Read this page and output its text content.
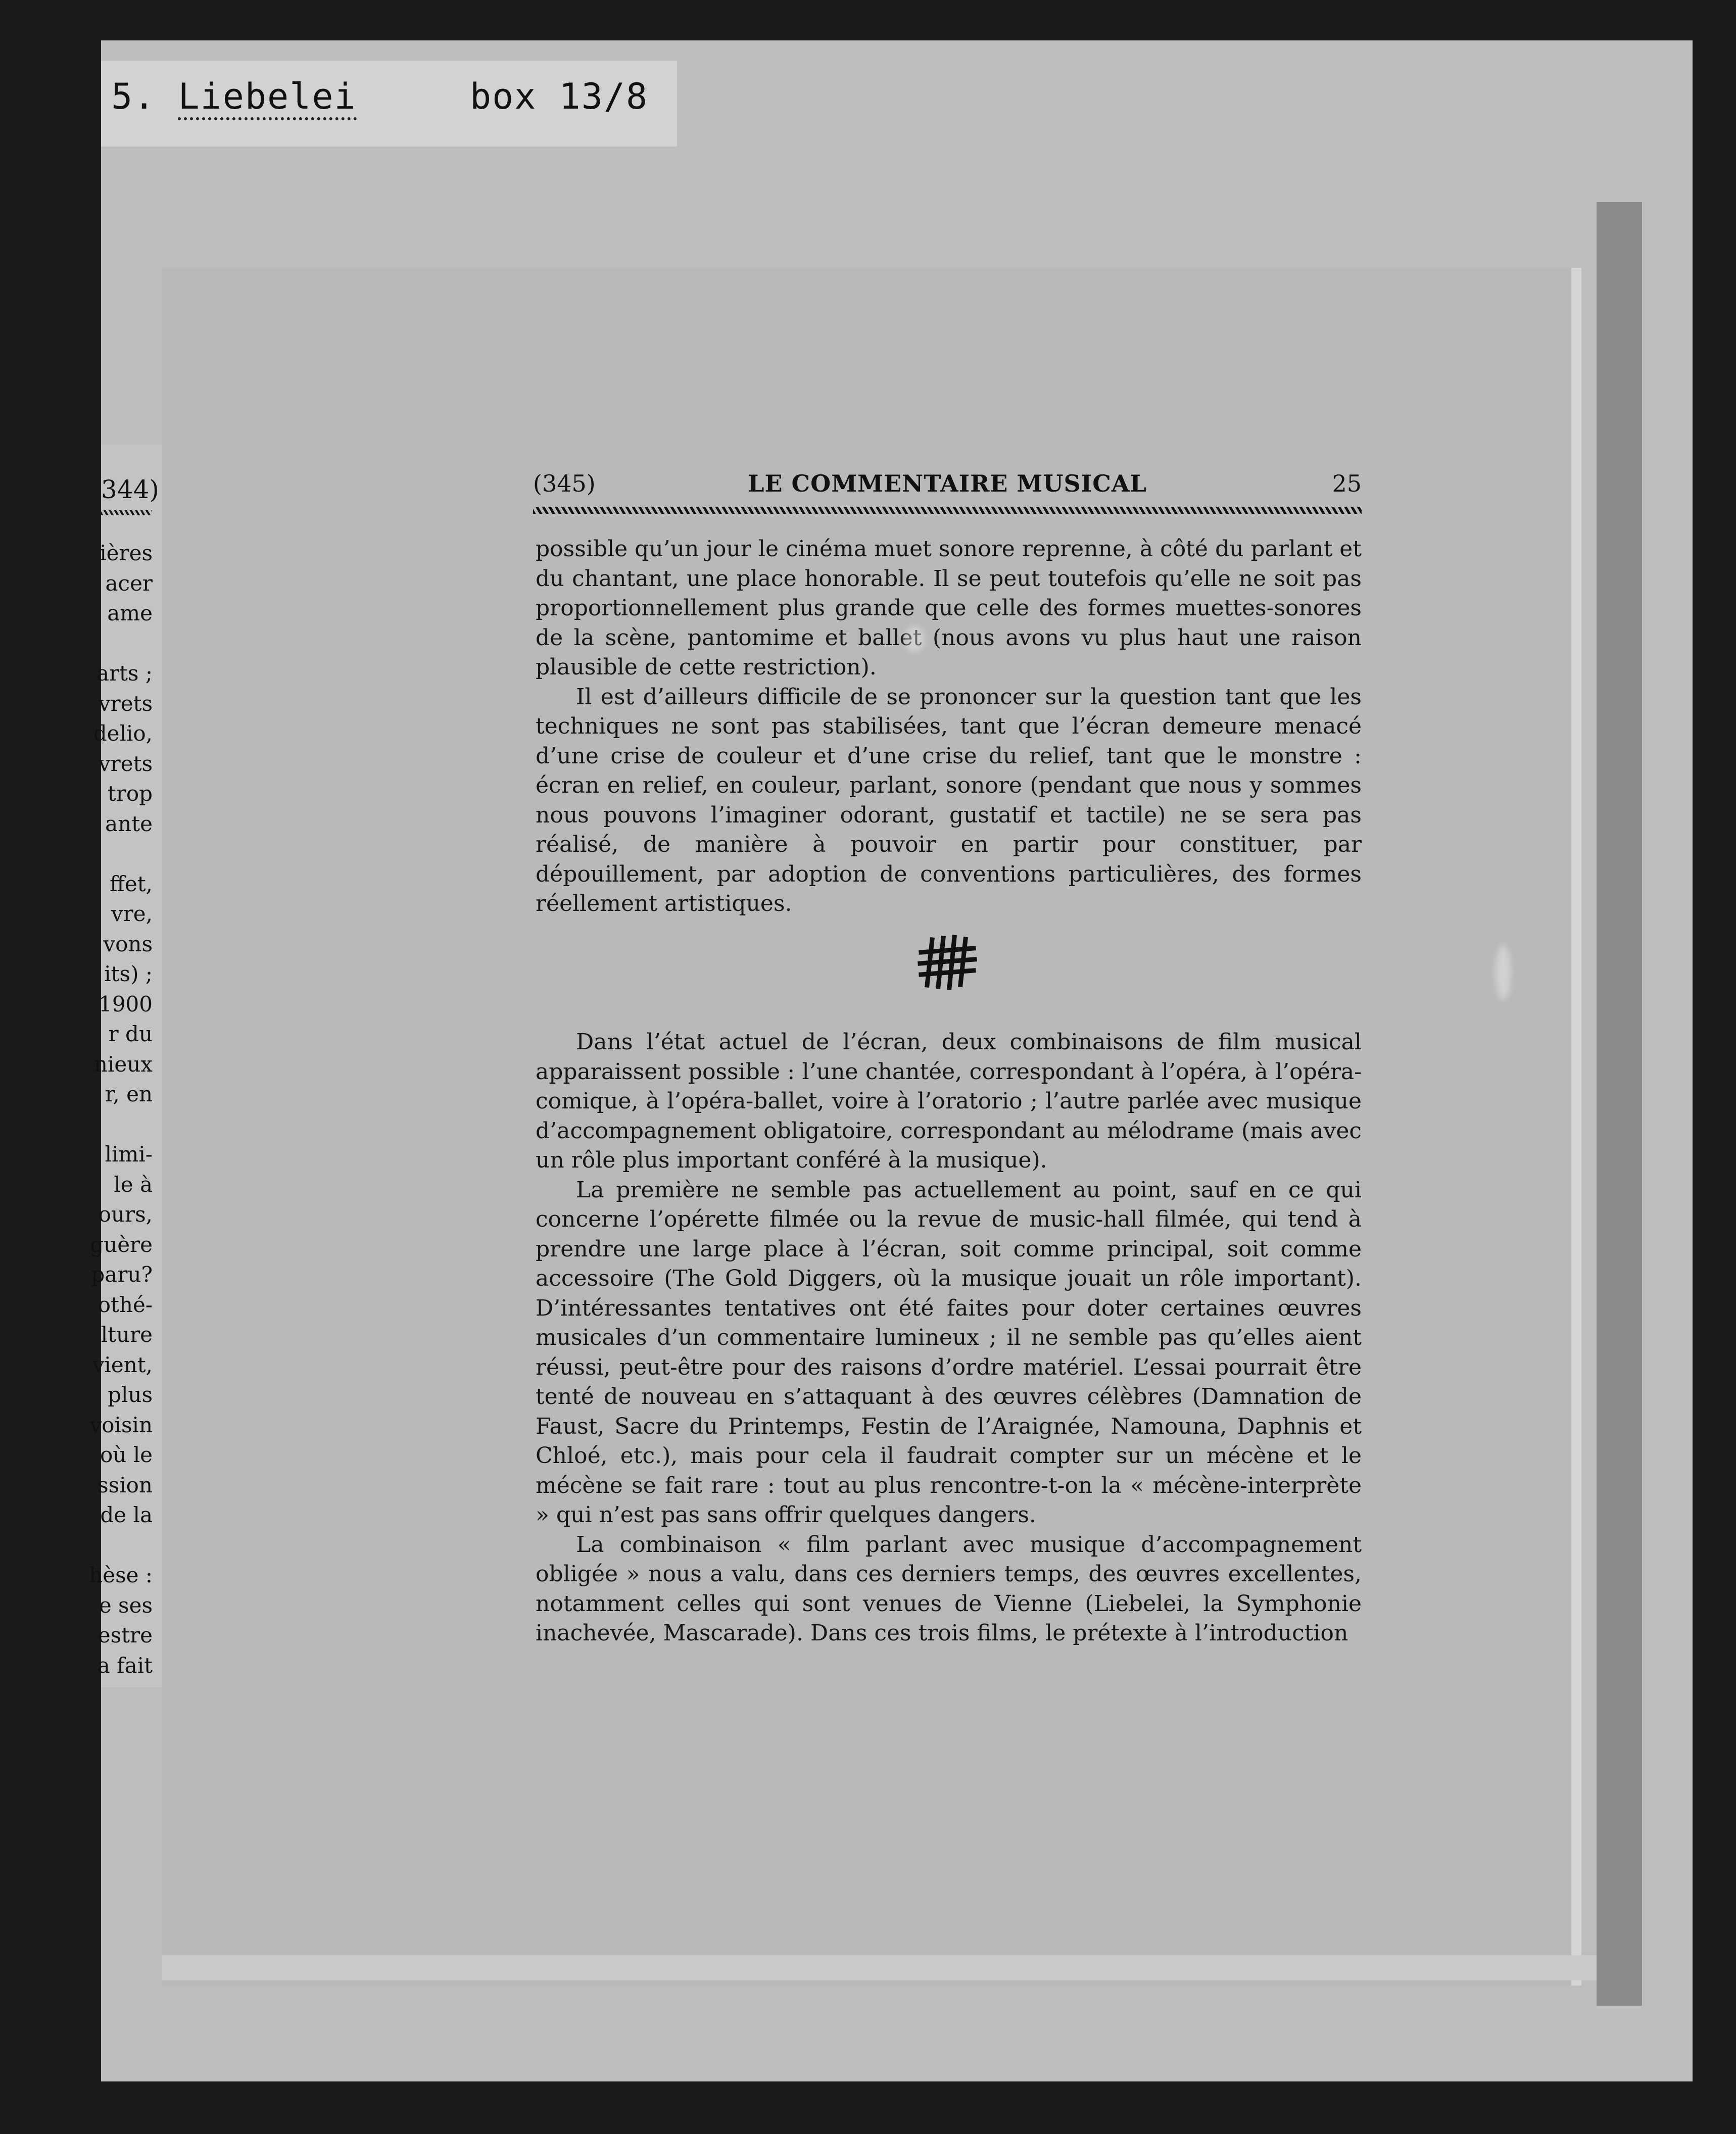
5. Liebelei	box 13/8
344)
ières
acer
ame

arts ;
vrets
delio,
vrets
trop
ante

ffet,
vre,
vons
its) ;
1900
r du
nieux
r, en

limi-
le à
ours,
guère
paru?
othé-
lture
vient,
plus
voisin
où le
ssion
de la

hèse :
e ses
estre
a fait
(345)	LE COMMENTAIRE MUSICAL	25

possible qu’un jour le cinéma muet sonore reprenne, à côté du parlant et du chantant, une place honorable. Il se peut toutefois qu’elle ne soit pas proportionnellement plus grande que celle des formes muettes-sonores de la scène, pantomime et ballet (nous avons vu plus haut une raison plausible de cette restriction).

Il est d’ailleurs difficile de se prononcer sur la question tant que les techniques ne sont pas stabilisées, tant que l’écran demeure menacé d’une crise de couleur et d’une crise du relief, tant que le monstre : écran en relief, en couleur, parlant, sonore (pendant que nous y sommes nous pouvons l’imaginer odorant, gustatif et tactile) ne se sera pas réalisé, de manière à pouvoir en partir pour constituer, par dépouillement, par adoption de conventions particulières, des formes réellement artistiques.

Dans l’état actuel de l’écran, deux combinaisons de film musical apparaissent possible : l’une chantée, correspondant à l’opéra, à l’opéra-comique, à l’opéra-ballet, voire à l’oratorio ; l’autre parlée avec musique d’accompagnement obligatoire, correspondant au mélodrame (mais avec un rôle plus important conféré à la musique).

La première ne semble pas actuellement au point, sauf en ce qui concerne l’opérette filmée ou la revue de music-hall filmée, qui tend à prendre une large place à l’écran, soit comme principal, soit comme accessoire (The Gold Diggers, où la musique jouait un rôle important). D’intéressantes tentatives ont été faites pour doter certaines œuvres musicales d’un commentaire lumineux ; il ne semble pas qu’elles aient réussi, peut-être pour des raisons d’ordre matériel. L’essai pourrait être tenté de nouveau en s’attaquant à des œuvres célèbres (Damnation de Faust, Sacre du Printemps, Festin de l’Araignée, Namouna, Daphnis et Chloé, etc.), mais pour cela il faudrait compter sur un mécène et le mécène se fait rare : tout au plus rencontre-t-on la « mécène-interprète » qui n’est pas sans offrir quelques dangers.

La combinaison « film parlant avec musique d’accompagnement obligée » nous a valu, dans ces derniers temps, des œuvres excellentes, notamment celles qui sont venues de Vienne (Liebelei, la Symphonie inachevée, Mascarade). Dans ces trois films, le prétexte à l’introduction
